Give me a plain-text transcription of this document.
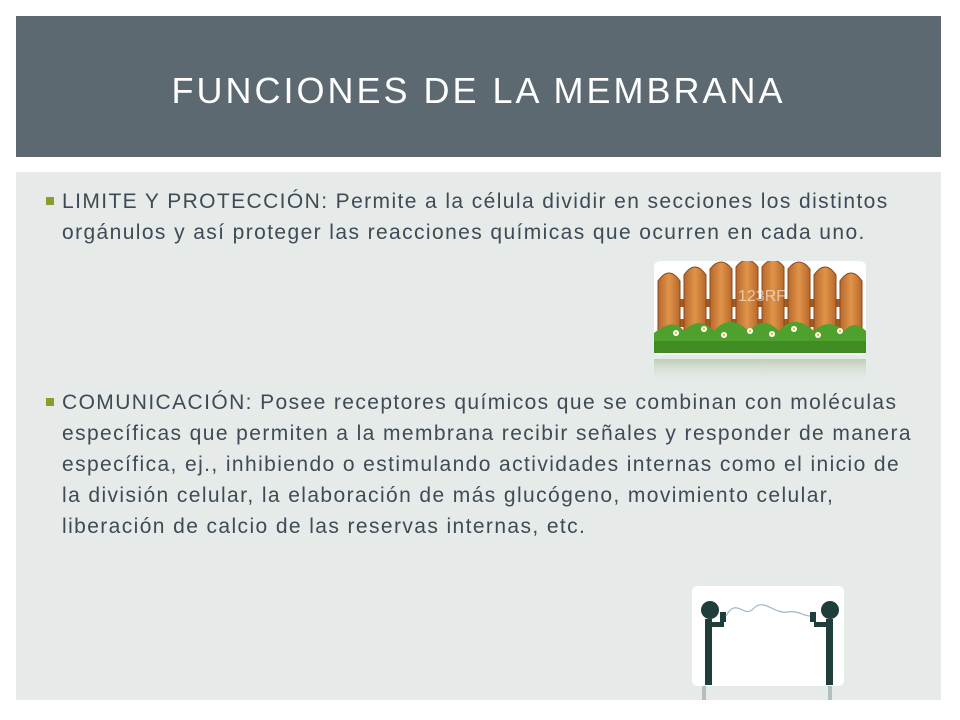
FUNCIONES DE LA MEMBRANA
LIMITE Y PROTECCIÓN: Permite a la célula dividir en secciones los distintos orgánulos y así proteger las reacciones químicas que ocurren en cada uno.
COMUNICACIÓN: Posee receptores químicos que se combinan con moléculas específicas que permiten a la membrana recibir señales y responder de manera específica, ej., inhibiendo o estimulando actividades internas como el inicio de la división celular, la elaboración de más glucógeno, movimiento celular, liberación de calcio de las reservas internas, etc.
123RF
